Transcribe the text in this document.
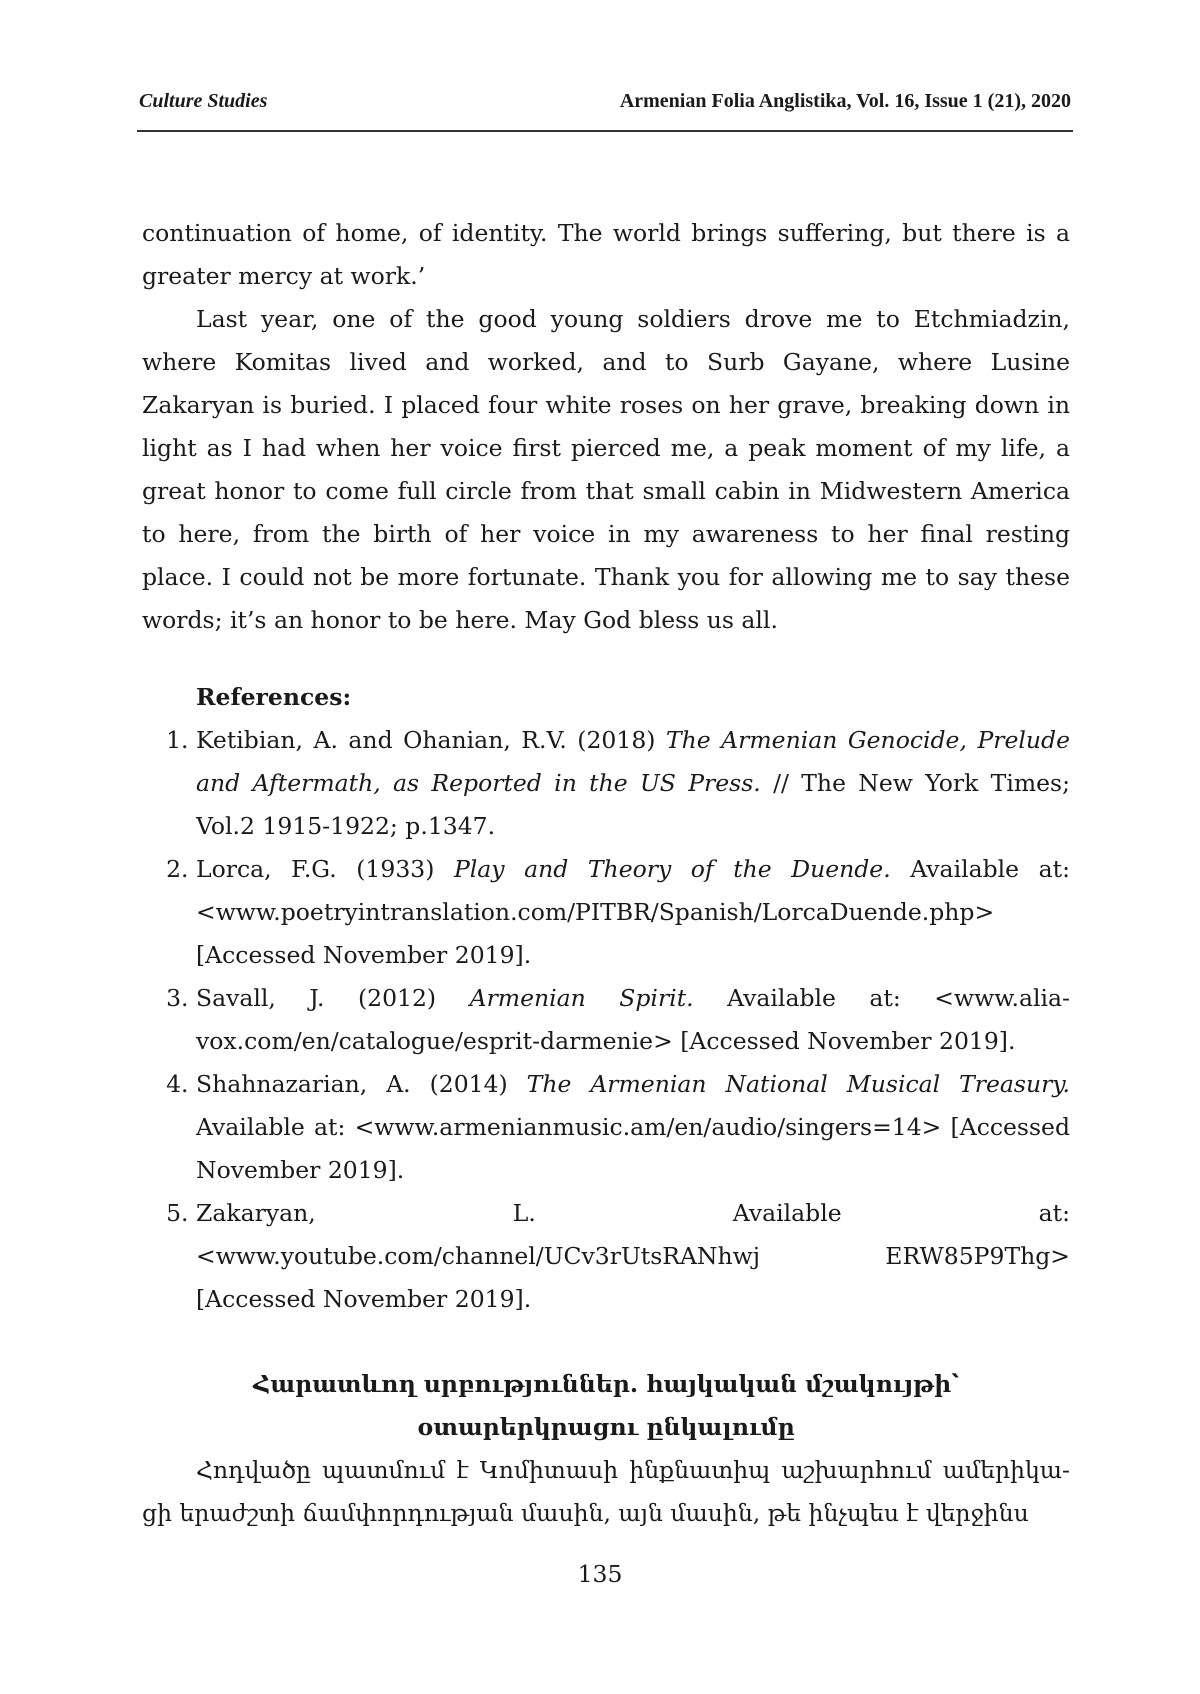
Culture Studies	Armenian Folia Anglistika, Vol. 16, Issue 1 (21), 2020

continuation of home, of identity. The world brings suffering, but there is a greater mercy at work.’

Last year, one of the good young soldiers drove me to Etchmiadzin, where Komitas lived and worked, and to Surb Gayane, where Lusine Zakaryan is buried. I placed four white roses on her grave, breaking down in light as I had when her voice first pierced me, a peak moment of my life, a great honor to come full circle from that small cabin in Midwestern America to here, from the birth of her voice in my awareness to her final resting place. I could not be more fortunate. Thank you for allowing me to say these words; it’s an honor to be here. May God bless us all.

References:
1. Ketibian, A. and Ohanian, R.V. (2018) The Armenian Genocide, Prelude and Aftermath, as Reported in the US Press. // The New York Times; Vol.2 1915-1922; p.1347.
2. Lorca, F.G. (1933) Play and Theory of the Duende. Available at: <www.poetryintranslation.com/PITBR/Spanish/LorcaDuende.php> [Accessed November 2019].
3. Savall, J. (2012) Armenian Spirit. Available at: <www.alia-vox.com/en/catalogue/esprit-darmenie> [Accessed November 2019].
4. Shahnazarian, A. (2014) The Armenian National Musical Treasury. Available at: <www.armenianmusic.am/en/audio/singers=14> [Accessed November 2019].
5. Zakaryan, L. Available at: <www.youtube.com/channel/UCv3rUtsRANhwj ERW85P9Thg> [Accessed November 2019].
Հարատևող սրբություններ. հայկական մշակույթի՝
օտարերկրացու ընկալումը

Հոդվածը պատմում է Կոմիտասի ինքնատիպ աշխարհում ամերիկա-ցի երաժշտի ճամփորդության մասին, այն մասին, թե ինչպես է վերջինս

135
